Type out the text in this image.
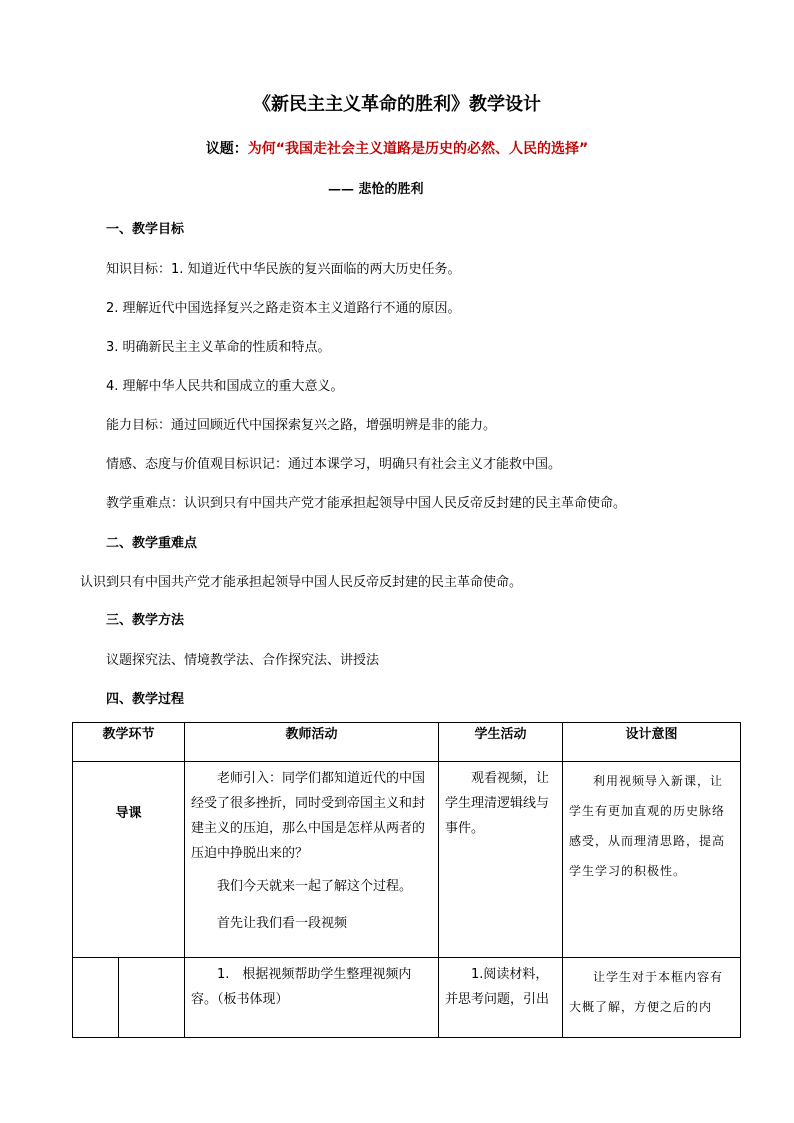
《新民主主义革命的胜利》教学设计
议题：为何“我国走社会主义道路是历史的必然、人民的选择”
—— 悲怆的胜利
一、教学目标
知识目标：1. 知道近代中华民族的复兴面临的两大历史任务。
2. 理解近代中国选择复兴之路走资本主义道路行不通的原因。
3. 明确新民主主义革命的性质和特点。
4. 理解中华人民共和国成立的重大意义。
能力目标：通过回顾近代中国探索复兴之路，增强明辨是非的能力。
情感、态度与价值观目标识记：通过本课学习，明确只有社会主义才能救中国。
教学重难点：认识到只有中国共产党才能承担起领导中国人民反帝反封建的民主革命使命。
二、教学重难点
认识到只有中国共产党才能承担起领导中国人民反帝反封建的民主革命使命。
三、教学方法
议题探究法、情境教学法、合作探究法、讲授法
四、教学过程
教学环节		教师活动	学生活动	设计意图
导课		老师引入：同学们都知道近代的中国经受了很多挫折，同时受到帝国主义和封建主义的压迫，那么中国是怎样从两者的压迫中挣脱出来的？

我们今天就来一起了解这个过程。

首先让我们看一段视频	观看视频，让学生理清逻辑线与事件。	利用视频导入新课，让学生有更加直观的历史脉络感受，从而理清思路，提高学生学习的积极性。

		1.　根据视频帮助学生整理视频内容。（板书体现）	1.阅读材料，并思考问题，引出	让学生对于本框内容有大概了解，方便之后的内
